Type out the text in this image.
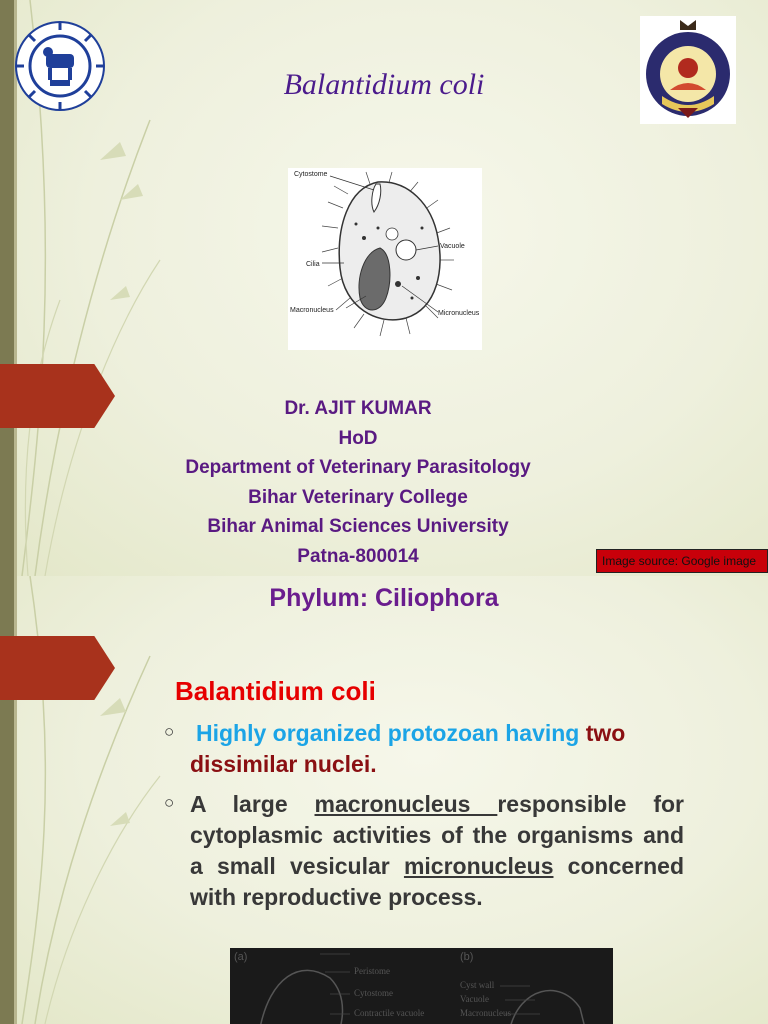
Balantidium coli
Cytostome
Cilia
Macronucleus
Vacuole
Micronucleus
Dr. AJIT KUMAR
HoD
Department of Veterinary Parasitology
Bihar Veterinary College
Bihar Animal Sciences University
Patna-800014	Image source: Google image
Phylum: Ciliophora
Balantidium coli
○ Highly organized protozoan having two dissimilar nuclei.
○ A large macronucleus responsible for cytoplasmic activities of the organisms and a small vesicular micronucleus concerned with reproductive process.
(a)	(b)
Peristome
Cytostome
Contractile vacuole
Cyst wall
Vacuole
Macronucleus
